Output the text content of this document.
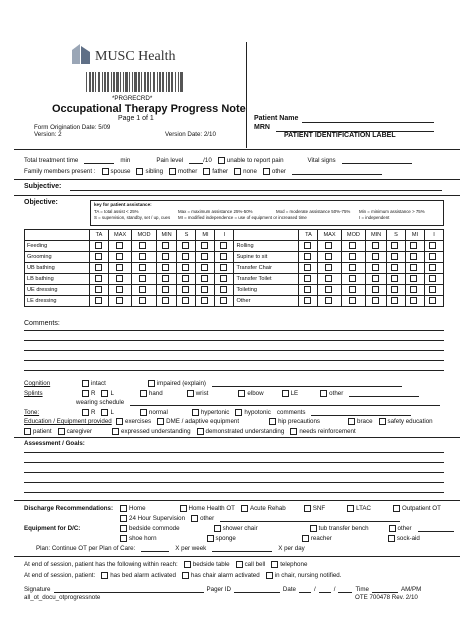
MUSC Health
*PRGRECRD*
Occupational Therapy Progress Note
Page 1 of 1
Form Origination Date: 5/09
Version: 2	Version Date: 2/10
Patient Name
MRN
PATIENT IDENTIFICATION LABEL
Total treatment time	min	Pain level	/10 unable to report pain	Vital signs
Family members present : spouse sibling mother father none other
Subjective:
Objective:	key for patient assistance:
TA = total assist < 25%	Max = maximum assistance 25%-50%	Mod = moderate assistance 50%-75% Min = minimum assistance > 75%
S = supervision, standby, set / up, cues MI = modified independence = use of equipment or increased time	I = independent
	TA	MAX	MOD	MIN	S	MI	I		TA	MAX	MOD	MIN	S	MI	I
Feeding								Rolling							
Grooming								Supine to sit							
UB bathing								Transfer Chair							
LB bathing								Transfer Toilet							
UE dressing								Toileting							
LE dressing								Other							
Comments:
Cognition	intact	impaired (explain)
Splints	R L	hand	wrist	elbow	LE	other
wearing schedule
Tone:	R L	normal	hypertonic hypotonic comments
Education / Equipment provided exercises DME / adaptive equipment	hip precautions	brace safety education
patient caregiver	expressed understanding demonstrated understanding needs reinforcement
Assessment / Goals:
Discharge Recommendations:	Home	Home Health OT Acute Rehab	SNF	LTAC	Outpatient OT
24 Hour Supervision other
Equipment for D/C:	bedside commode	shower chair	tub transfer bench	other
shoe horn	sponge	reacher	sock-aid
Plan: Continue OT per Plan of Care:	X per week	X per day
At end of session, patient has the following within reach: bedside table call bell telephone
At end of session, patient: has bed alarm activated has chair alarm activated in chair, nursing notified.
Signature	Pager ID	Date	/	/	Time	AM/PM
all_ot_docu_otprogressnote	OTE 700478 Rev. 2/10
